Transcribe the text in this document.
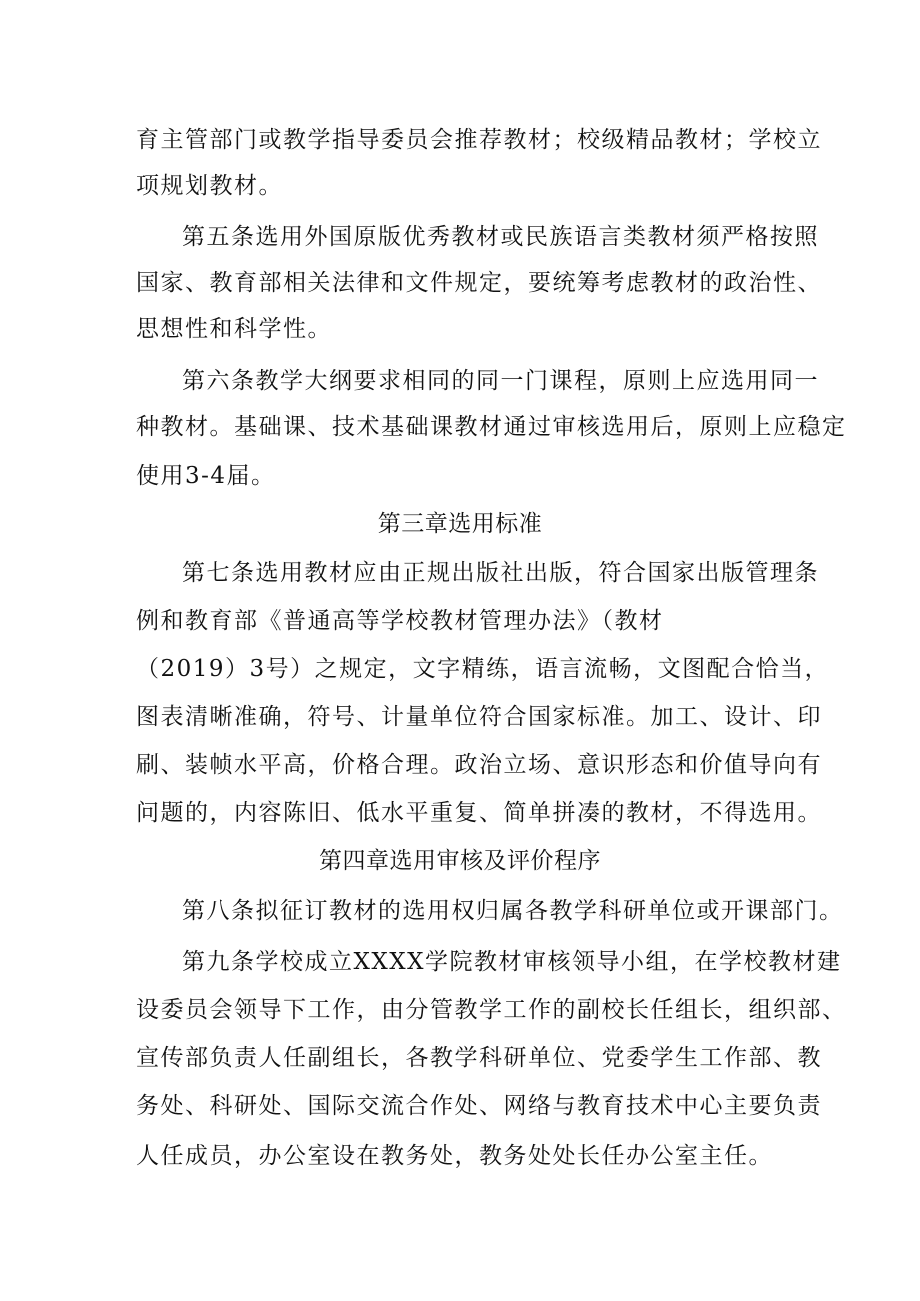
育主管部门或教学指导委员会推荐教材；校级精品教材；学校立
项规划教材。
第五条选用外国原版优秀教材或民族语言类教材须严格按照
国家、教育部相关法律和文件规定，要统筹考虑教材的政治性、
思想性和科学性。
第六条教学大纲要求相同的同一门课程，原则上应选用同一
种教材。基础课、技术基础课教材通过审核选用后，原则上应稳定
使用3-4届。
第三章选用标准
第七条选用教材应由正规出版社出版，符合国家出版管理条
例和教育部《普通高等学校教材管理办法》（教材
（2019）3号）之规定，文字精练，语言流畅，文图配合恰当，
图表清晰准确，符号、计量单位符合国家标准。加工、设计、印
刷、装帧水平高，价格合理。政治立场、意识形态和价值导向有
问题的，内容陈旧、低水平重复、简单拼凑的教材，不得选用。
第四章选用审核及评价程序
第八条拟征订教材的选用权归属各教学科研单位或开课部门。
第九条学校成立XXXX学院教材审核领导小组，在学校教材建
设委员会领导下工作，由分管教学工作的副校长任组长，组织部、
宣传部负责人任副组长，各教学科研单位、党委学生工作部、教
务处、科研处、国际交流合作处、网络与教育技术中心主要负责
人任成员，办公室设在教务处，教务处处长任办公室主任。
